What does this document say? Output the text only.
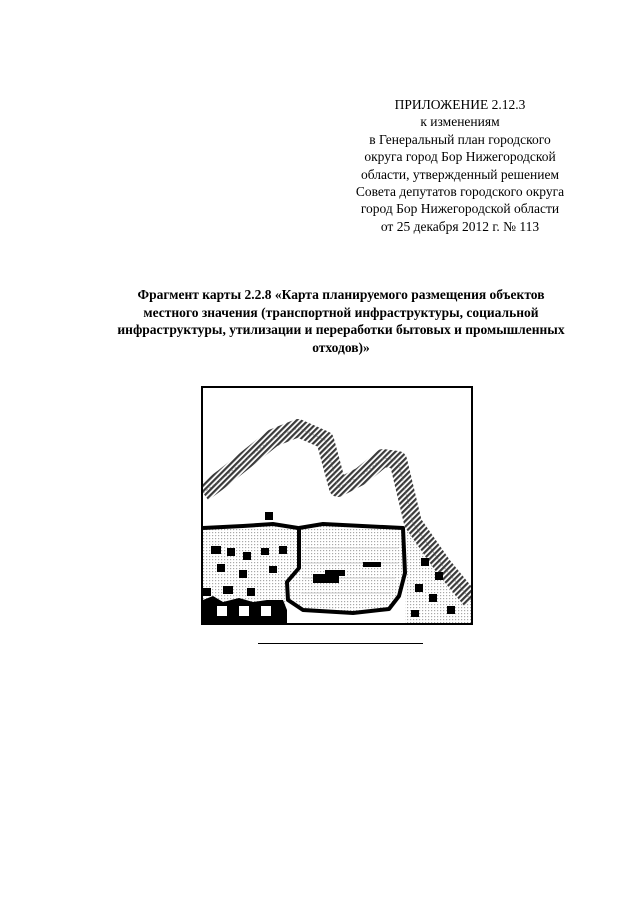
ПРИЛОЖЕНИЕ 2.12.3
к изменениям
в Генеральный план городского
округа город Бор Нижегородской
области, утвержденный решением
Совета депутатов городского округа
город Бор Нижегородской области
от 25 декабря 2012 г. № 113
Фрагмент карты 2.2.8 «Карта планируемого размещения объектов
местного значения (транспортной инфраструктуры, социальной
инфраструктуры, утилизации и переработки бытовых и промышленных
отходов)»
